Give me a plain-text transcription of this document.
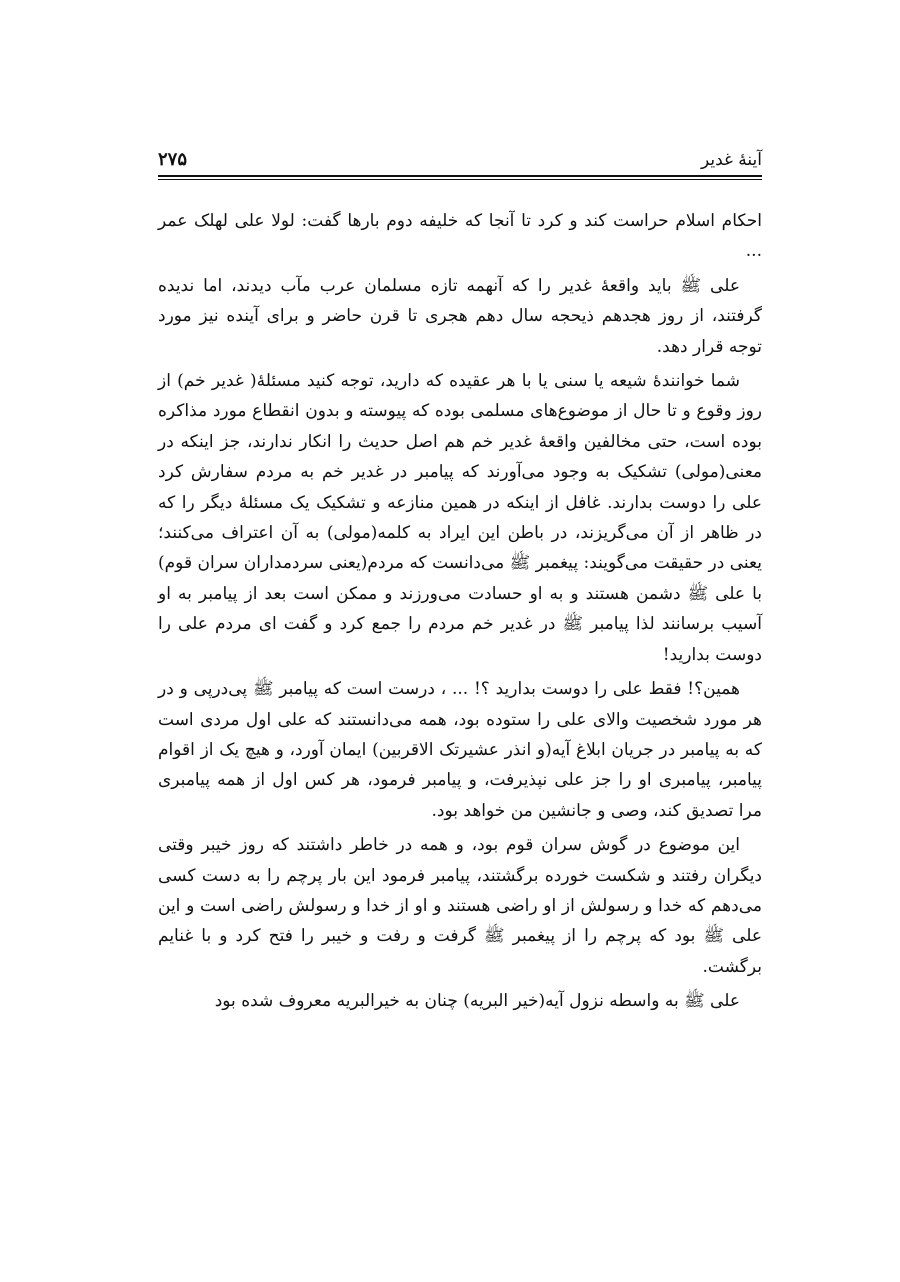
آینۀ غدیر
۲۷۵

احکام اسلام حراست کند و کرد تا آنجا که خلیفه دوم بارها گفت: لولا علی لهلک عمر ...

علی ﷺ باید واقعۀ غدیر را که آنهمه تازه مسلمان عرب مآب دیدند، اما ندیده گرفتند، از روز هجدهم ذیحجه سال دهم هجری تا قرن حاضر و برای آینده نیز مورد توجه قرار دهد.

شما خوانندۀ شیعه یا سنی یا با هر عقیده که دارید، توجه کنید مسئلۀ( غدیر خم) از روز وقوع و تا حال از موضوع‌های مسلمی بوده که پیوسته و بدون انقطاع مورد مذاکره بوده است، حتی مخالفین واقعۀ غدیر خم هم اصل حدیث را انکار ندارند، جز اینکه در معنی(مولی) تشکیک به وجود می‌آورند که پیامبر در غدیر خم به مردم سفارش کرد علی را دوست بدارند. غافل از اینکه در همین منازعه و تشکیک یک مسئلۀ دیگر را که در ظاهر از آن می‌گریزند، در باطن این ایراد به کلمه(مولی) به آن اعتراف می‌کنند؛ یعنی در حقیقت می‌گویند: پیغمبر ﷺ می‌دانست که مردم(یعنی سردمداران سران قوم) با علی ﷺ دشمن هستند و به او حسادت می‌ورزند و ممکن است بعد از پیامبر به او آسیب برسانند لذا پیامبر ﷺ در غدیر خم مردم را جمع کرد و گفت ای مردم علی را دوست بدارید!

همین؟! فقط علی را دوست بدارید ؟! ... ، درست است که پیامبر ﷺ پی‌درپی و در هر مورد شخصیت والای علی را ستوده بود، همه می‌دانستند که علی اول مردی است که به پیامبر در جریان ابلاغ آیه(و انذر عشیرتک الاقربین) ایمان آورد، و هیچ یک از اقوام پیامبر، پیامبری او را جز علی نپذیرفت، و پیامبر فرمود، هر کس اول از همه پیامبری مرا تصدیق کند، وصی و جانشین من خواهد بود.

این موضوع در گوش سران قوم بود، و همه در خاطر داشتند که روز خیبر وقتی دیگران رفتند و شکست خورده برگشتند، پیامبر فرمود این بار پرچم را به دست کسی می‌دهم که خدا و رسولش از او راضی هستند و او از خدا و رسولش راضی است و این علی ﷺ بود که پرچم را از پیغمبر ﷺ گرفت و رفت و خیبر را فتح کرد و با غنایم برگشت.

علی ﷺ به واسطه نزول آیه(خیر البریه) چنان به خیرالبریه معروف شده بود
